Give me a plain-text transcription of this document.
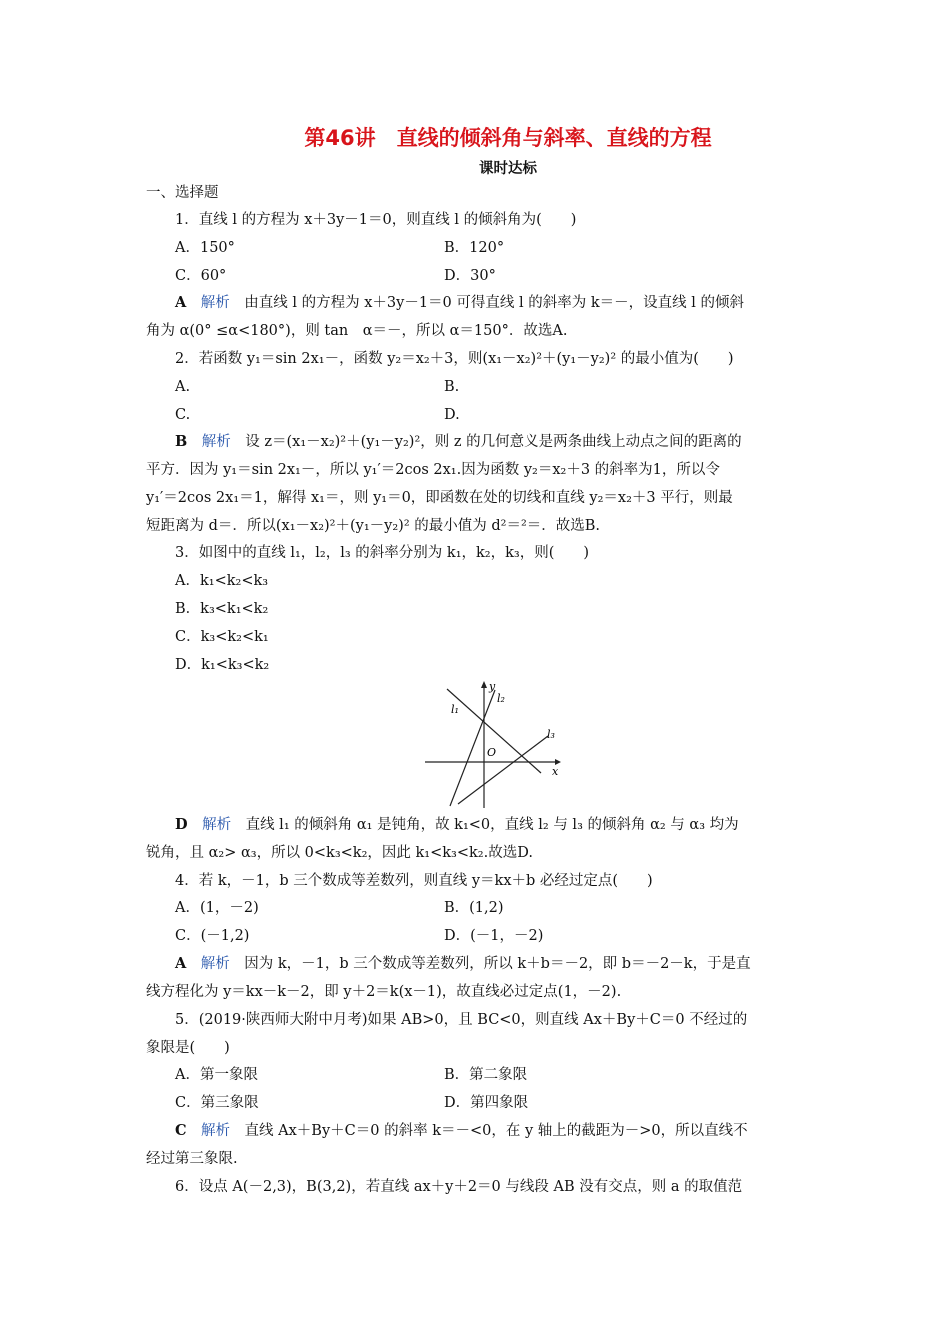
第46讲　直线的倾斜角与斜率、直线的方程
课时达标
一、选择题
1．直线 l 的方程为 x＋3y－1＝0，则直线 l 的倾斜角为(　　)
A．150°	B．120°
C．60°	D．30°
A　 解析　 由直线 l 的方程为 x＋3y－1＝0 可得直线 l 的斜率为 k＝－，设直线 l 的倾斜
角为 α(0° ≤α<180°)，则 tan　α＝－，所以 α＝150°．故选A.
2．若函数 y₁＝sin 2x₁－，函数 y₂＝x₂＋3，则(x₁－x₂)²＋(y₁－y₂)² 的最小值为(　　)
A.	B.
C.	D.
B　 解析　 设 z＝(x₁－x₂)²＋(y₁－y₂)²，则 z 的几何意义是两条曲线上动点之间的距离的
平方．因为 y₁＝sin 2x₁－，所以 y₁′＝2cos 2x₁.因为函数 y₂＝x₂＋3 的斜率为1，所以令
y₁′＝2cos 2x₁＝1，解得 x₁＝，则 y₁＝0，即函数在处的切线和直线 y₂＝x₂＋3 平行，则最
短距离为 d＝．所以(x₁－x₂)²＋(y₁－y₂)² 的最小值为 d²＝²＝．故选B.
3．如图中的直线 l₁，l₂，l₃ 的斜率分别为 k₁，k₂，k₃，则(　　)
A．k₁<k₂<k₃
B．k₃<k₁<k₂
C．k₃<k₂<k₁
D．k₁<k₃<k₂
l₁
l₂
l₃
y
x
O
D　 解析　 直线 l₁ 的倾斜角 α₁ 是钝角，故 k₁<0，直线 l₂ 与 l₃ 的倾斜角 α₂ 与 α₃ 均为
锐角，且 α₂> α₃，所以 0<k₃<k₂，因此 k₁<k₃<k₂.故选D.
4．若 k，－1，b 三个数成等差数列，则直线 y＝kx＋b 必经过定点(　　)
A．(1，－2)	B．(1,2)
C．(－1,2)	D．(－1，－2)
A　 解析　 因为 k，－1，b 三个数成等差数列，所以 k＋b＝－2，即 b＝－2－k，于是直
线方程化为 y＝kx－k－2，即 y＋2＝k(x－1)，故直线必过定点(1，－2).
5．(2019·陕西师大附中月考)如果 AB>0，且 BC<0，则直线 Ax＋By＋C＝0 不经过的
象限是(　　)
A．第一象限	B．第二象限
C．第三象限	D．第四象限
C　 解析　 直线 Ax＋By＋C＝0 的斜率 k＝－<0，在 y 轴上的截距为－>0，所以直线不
经过第三象限.
6．设点 A(－2,3)，B(3,2)，若直线 ax＋y＋2＝0 与线段 AB 没有交点，则 a 的取值范
